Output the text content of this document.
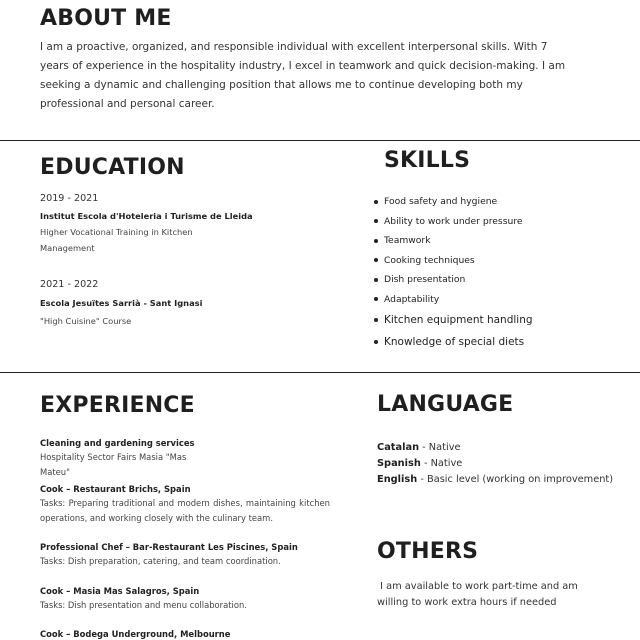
ABOUT ME
I am a proactive, organized, and responsible individual with excellent interpersonal skills. With 7
years of experience in the hospitality industry, I excel in teamwork and quick decision-making. I am
seeking a dynamic and challenging position that allows me to continue developing both my
professional and personal career.
EDUCATION
2019 - 2021
Institut Escola d'Hoteleria i Turisme de Lleida
Higher Vocational Training in Kitchen
Management
2021 - 2022
Escola Jesuïtes Sarrià - Sant Ignasi
"High Cuisine" Course
SKILLS
Food safety and hygiene
Ability to work under pressure
Teamwork
Cooking techniques
Dish presentation
Adaptability
Kitchen equipment handling
Knowledge of special diets
EXPERIENCE
Cleaning and gardening services
Hospitality Sector Fairs Masia "Mas
Mateu"
Cook – Restaurant Brichs, Spain
Tasks: Preparing traditional and modern dishes, maintaining kitchen operations, and working closely with the culinary team.
Professional Chef – Bar-Restaurant Les Piscines, Spain
Tasks: Dish preparation, catering, and team coordination.
Cook – Masia Mas Salagros, Spain
Tasks: Dish presentation and menu collaboration.
Cook – Bodega Underground, Melbourne
LANGUAGE
Catalan - Native
Spanish - Native
English - Basic level (working on improvement)
OTHERS
I am available to work part-time and am
willing to work extra hours if needed
